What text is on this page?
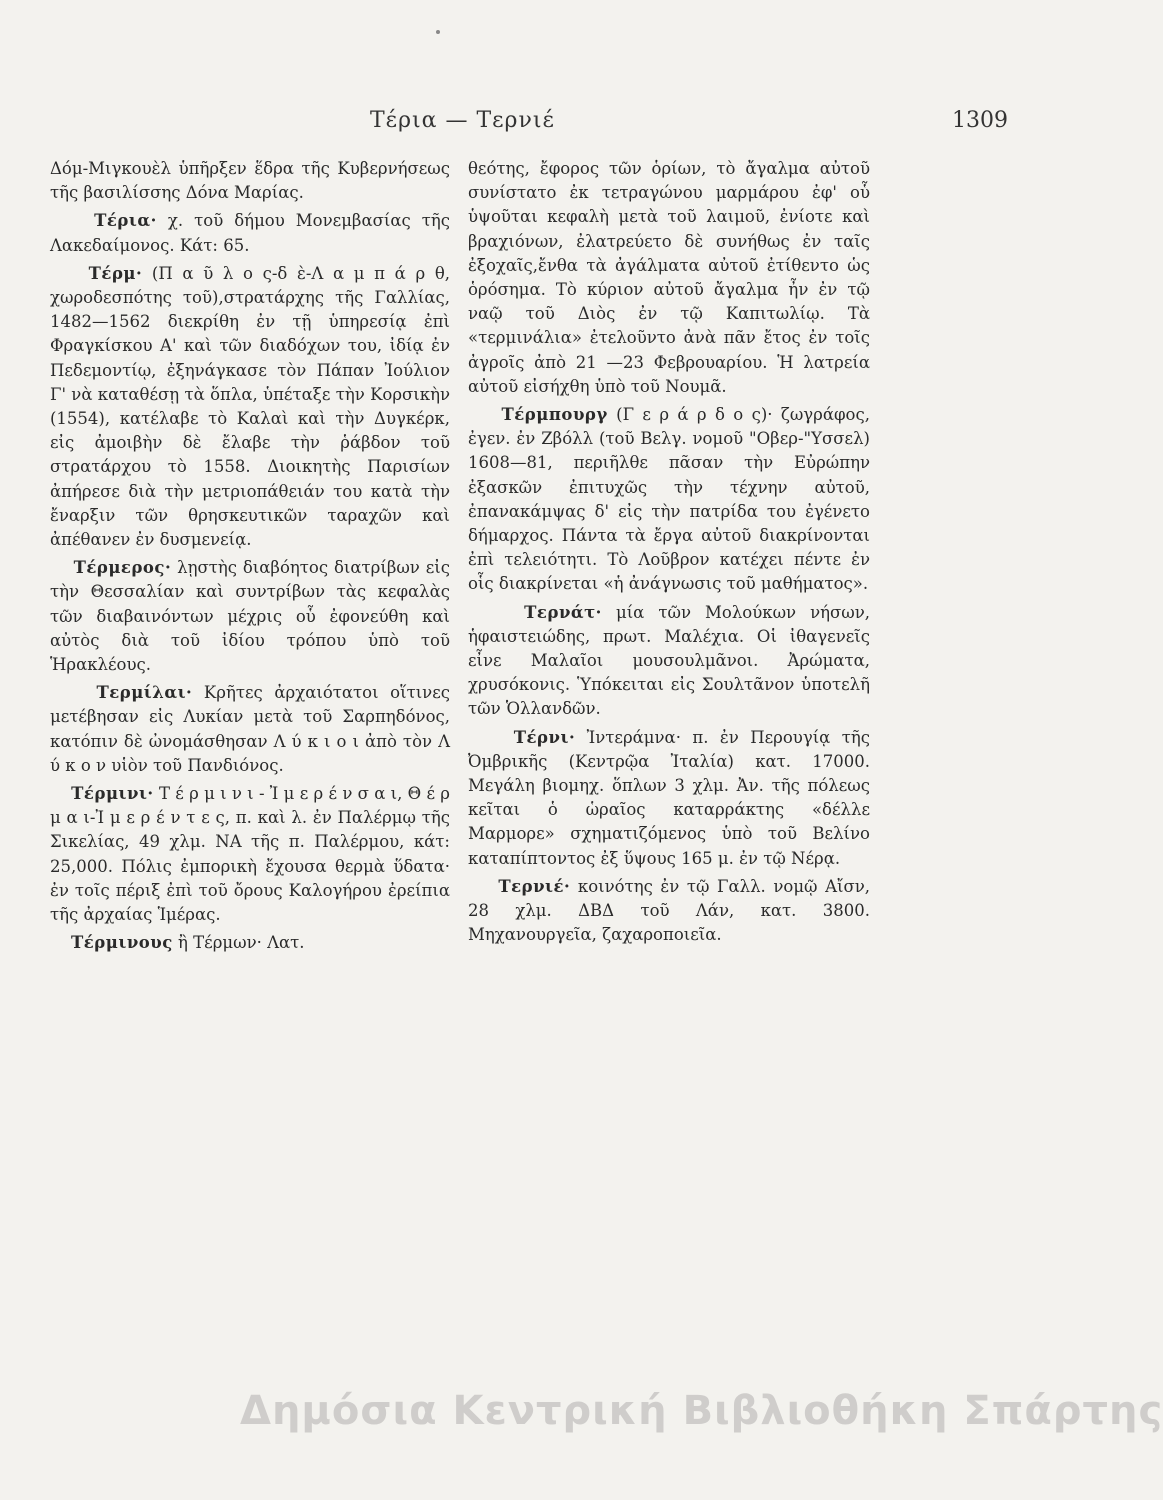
Τέρια — Τερνιέ	1309

Δόμ-Μιγκουὲλ ὑπῆρξεν ἕδρα τῆς Κυβερνήσεως τῆς βασιλίσσης Δόνα Μαρίας.

Τέρια· χ. τοῦ δήμου Μονεμβασίας τῆς Λακεδαίμονος. Κάτ: 65.

Τέρμ· (Π α ῦ λ ο ς-δ ὲ-Λ α μ π ά ρ θ, χωροδεσπότης τοῦ),στρατάρχης τῆς Γαλλίας, 1482—1562 διεκρίθη ἐν τῇ ὑπηρεσίᾳ ἐπὶ Φραγκίσκου Α' καὶ τῶν διαδόχων του, ἰδίᾳ ἐν Πεδεμοντίῳ, ἐξηνάγκασε τὸν Πάπαν Ἰούλιον Γ' νὰ καταθέσῃ τὰ ὅπλα, ὑπέταξε τὴν Κορσικὴν (1554), κατέλαβε τὸ Καλαὶ καὶ τὴν Δυγκέρκ, εἰς ἀμοιβὴν δὲ ἔλαβε τὴν ῥάβδον τοῦ στρατάρχου τὸ 1558. Διοικητὴς Παρισίων ἀπήρεσε διὰ τὴν μετριοπάθειάν του κατὰ τὴν ἔναρξιν τῶν θρησκευτικῶν ταραχῶν καὶ ἀπέθανεν ἐν δυσμενείᾳ.

Τέρμερος· λῃστὴς διαβόητος διατρίβων εἰς τὴν Θεσσαλίαν καὶ συντρίβων τὰς κεφαλὰς τῶν διαβαινόντων μέχρις οὗ ἐφονεύθη καὶ αὐτὸς διὰ τοῦ ἰδίου τρόπου ὑπὸ τοῦ Ἡρακλέους.

Τερμίλαι· Κρῆτες ἀρχαιότατοι οἵτινες μετέβησαν εἰς Λυκίαν μετὰ τοῦ Σαρπηδόνος, κατόπιν δὲ ὠνομάσθησαν Λ ύ κ ι ο ι ἀπὸ τὸν Λ ύ κ ο ν υἱὸν τοῦ Πανδιόνος.

Τέρμινι· Τ έ ρ μ ι ν ι - Ἰ μ ε ρ έ ν σ α ι, Θ έ ρ μ α ι-Ἰ μ ε ρ έ ν τ ε ς, π. καὶ λ. ἐν Παλέρμῳ τῆς Σικελίας, 49 χλμ. ΝΑ τῆς π. Παλέρμου, κάτ: 25,000. Πόλις ἐμπορικὴ ἔχουσα θερμὰ ὕδατα· ἐν τοῖς πέριξ ἐπὶ τοῦ ὄρους Καλογήρου ἐρείπια τῆς ἀρχαίας Ἱμέρας.

Τέρμινους ἢ Τέρμων· Λατ.

θεότης, ἔφορος τῶν ὁρίων, τὸ ἄγαλμα αὐτοῦ συνίστατο ἐκ τετραγώνου μαρμάρου ἐφ' οὗ ὑψοῦται κεφαλὴ μετὰ τοῦ λαιμοῦ, ἐνίοτε καὶ βραχιόνων, ἐλατρεύετο δὲ συνήθως ἐν ταῖς ἐξοχαῖς,ἔνθα τὰ ἀγάλματα αὐτοῦ ἐτίθεντο ὡς ὁρόσημα. Τὸ κύριον αὐτοῦ ἄγαλμα ἦν ἐν τῷ ναῷ τοῦ Διὸς ἐν τῷ Καπιτωλίῳ. Τὰ «τερμινάλια» ἐτελοῦντο ἀνὰ πᾶν ἔτος ἐν τοῖς ἀγροῖς ἀπὸ 21 —23 Φεβρουαρίου. Ἡ λατρεία αὐτοῦ εἰσήχθη ὑπὸ τοῦ Νουμᾶ.

Τέρμπουργ (Γ ε ρ ά ρ δ ο ς)· ζωγράφος, ἐγεν. ἐν Ζβόλλ (τοῦ Βελγ. νομοῦ "Οβερ-"Υσσελ) 1608—81, περιῆλθε πᾶσαν τὴν Εὐρώπην ἐξασκῶν ἐπιτυχῶς τὴν τέχνην αὐτοῦ, ἐπανακάμψας δ' εἰς τὴν πατρίδα του ἐγένετο δήμαρχος. Πάντα τὰ ἔργα αὐτοῦ διακρίνονται ἐπὶ τελειότητι. Τὸ Λοῦβρον κατέχει πέντε ἐν οἷς διακρίνεται «ἡ ἀνάγνωσις τοῦ μαθήματος».

Τερνάτ· μία τῶν Μολούκων νήσων, ἡφαιστειώδης, πρωτ. Μαλέχια. Οἱ ἰθαγενεῖς εἶνε Μαλαῖοι μουσουλμᾶνοι. Ἀρώματα, χρυσόκονις. Ὑπόκειται εἰς Σουλτᾶνον ὑποτελῆ τῶν Ὁλλανδῶν.

Τέρνι· Ἰντεράμνα· π. ἐν Περουγίᾳ τῆς Ὀμβρικῆς (Κεντρῷα Ἰταλία) κατ. 17000. Μεγάλη βιομηχ. ὅπλων 3 χλμ. Ἀν. τῆς πόλεως κεῖται ὁ ὡραῖος καταρράκτης «δέλλε Μαρμορε» σχηματιζόμενος ὑπὸ τοῦ Βελίνο καταπίπτοντος ἐξ ὕψους 165 μ. ἐν τῷ Νέρᾳ.

Τερνιέ· κοινότης ἐν τῷ Γαλλ. νομῷ Αἴσν, 28 χλμ. ΔΒΔ τοῦ Λάν, κατ. 3800. Μηχανουργεῖα, ζαχαροποιεῖα.

Δημόσια Κεντρική Βιβλιοθήκη Σπάρτης
